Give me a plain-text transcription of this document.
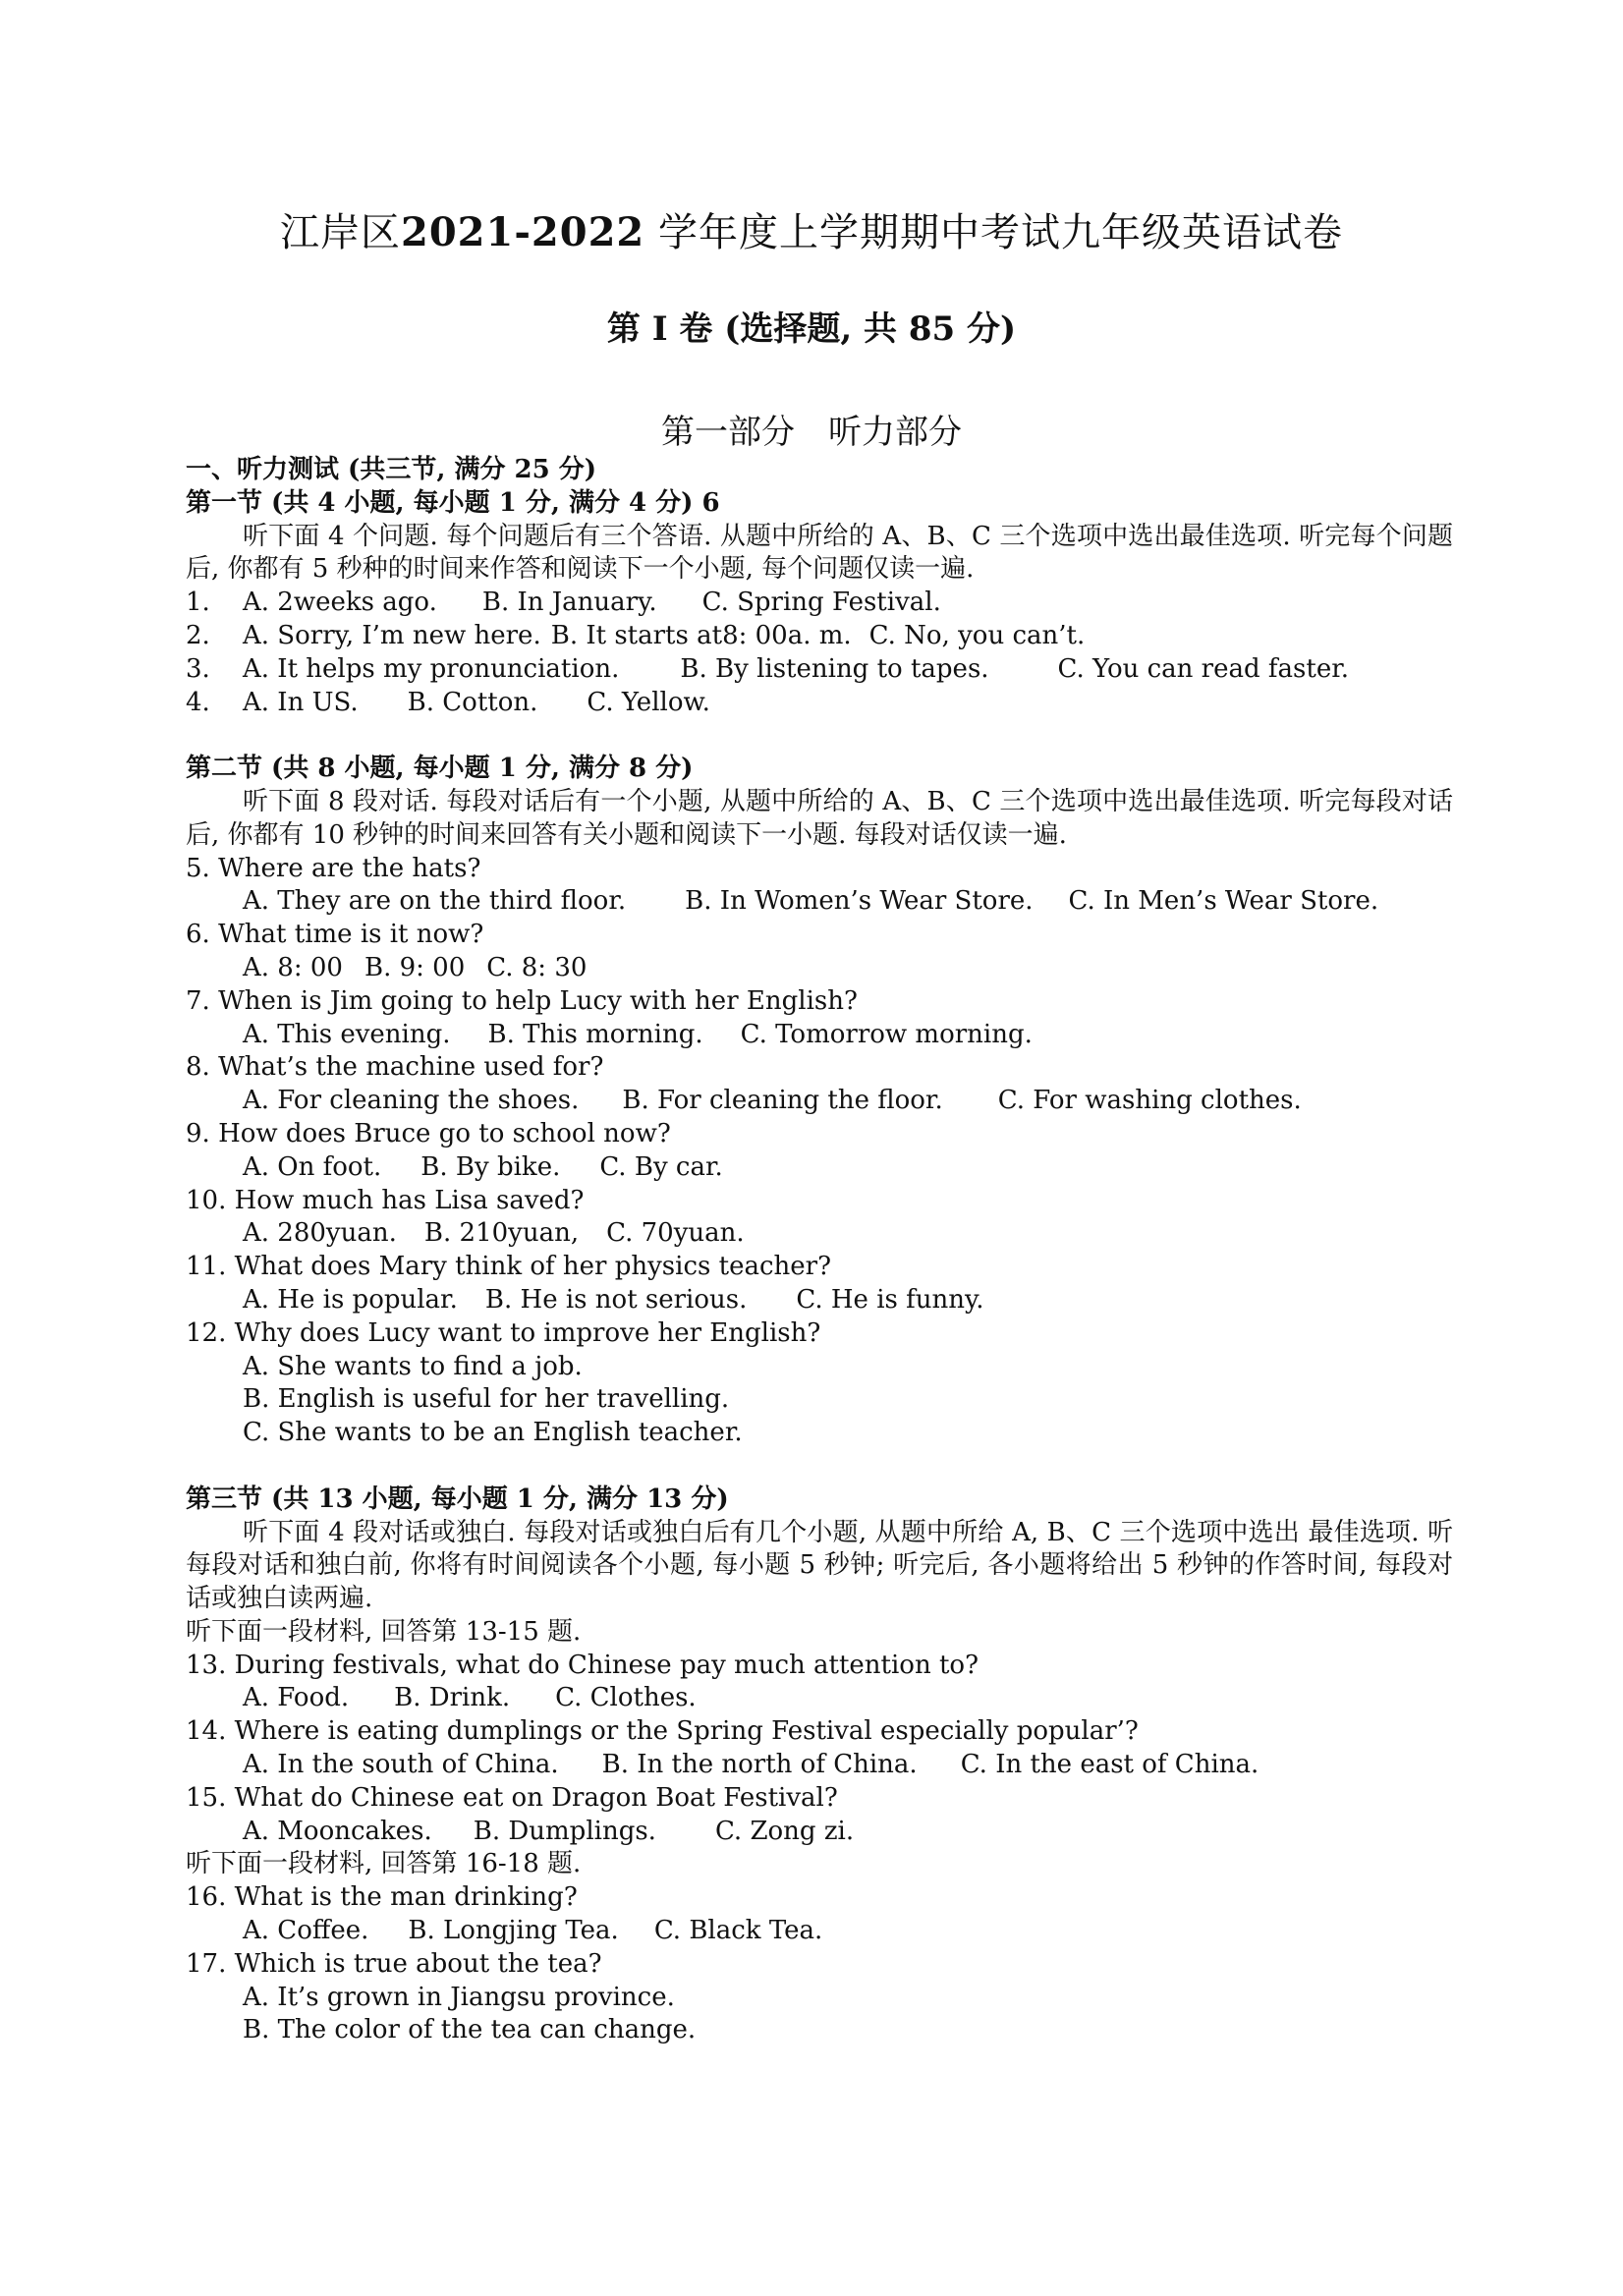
江岸区2021-2022 学年度上学期期中考试九年级英语试卷
第 I 卷 (选择题, 共 85 分)
第一部分　听力部分
一、听力测试 (共三节, 满分 25 分)
第一节 (共 4 小题, 每小题 1 分, 满分 4 分) 6
听下面 4 个问题. 每个问题后有三个答语. 从题中所给的 A、B、C 三个选项中选出最佳选项. 听完每个问题后, 你都有 5 秒种的时间来作答和阅读下一个小题, 每个问题仅读一遍.
1. A. 2weeks ago. B. In January. C. Spring Festival.
2. A. Sorry, I’m new here. B. It starts at8: 00a. m. C. No, you can’t.
3. A. It helps my pronunciation. B. By listening to tapes.	C. You can read faster.
4. A. In US. B. Cotton. C. Yellow.
第二节 (共 8 小题, 每小题 1 分, 满分 8 分)
听下面 8 段对话. 每段对话后有一个小题, 从题中所给的 A、B、C 三个选项中选出最佳选项. 听完每段对话后, 你都有 10 秒钟的时间来回答有关小题和阅读下一小题. 每段对话仅读一遍.
5. Where are the hats?
A. They are on the third floor. B. In Women’s Wear Store. C. In Men’s Wear Store.
6. What time is it now?
A. 8: 00 B. 9: 00 C. 8: 30
7. When is Jim going to help Lucy with her English?
A. This evening. B. This morning. C. Tomorrow morning.
8. What’s the machine used for?
A. For cleaning the shoes. B. For cleaning the floor. C. For washing clothes.
9. How does Bruce go to school now?
A. On foot. B. By bike. C. By car.
10. How much has Lisa saved?
A. 280yuan. B. 210yuan, C. 70yuan.
11. What does Mary think of her physics teacher?
A. He is popular. B. He is not serious. C. He is funny.
12. Why does Lucy want to improve her English?
A. She wants to find a job.
B. English is useful for her travelling.
C. She wants to be an English teacher.
第三节 (共 13 小题, 每小题 1 分, 满分 13 分)
听下面 4 段对话或独白. 每段对话或独白后有几个小题, 从题中所给 A, B、C 三个选项中选出 最佳选项. 听每段对话和独白前, 你将有时间阅读各个小题, 每小题 5 秒钟; 听完后, 各小题将给出 5 秒钟的作答时间, 每段对话或独白读两遍.
听下面一段材料, 回答第 13-15 题.
13. During festivals, what do Chinese pay much attention to?
A. Food. B. Drink. C. Clothes.
14. Where is eating dumplings or the Spring Festival especially popular’?
A. In the south of China. B. In the north of China. C. In the east of China.
15. What do Chinese eat on Dragon Boat Festival?
A. Mooncakes. B. Dumplings. C. Zong zi.
听下面一段材料, 回答第 16-18 题.
16. What is the man drinking?
A. Coffee. B. Longjing Tea. C. Black Tea.
17. Which is true about the tea?
A. It’s grown in Jiangsu province.
B. The color of the tea can change.
